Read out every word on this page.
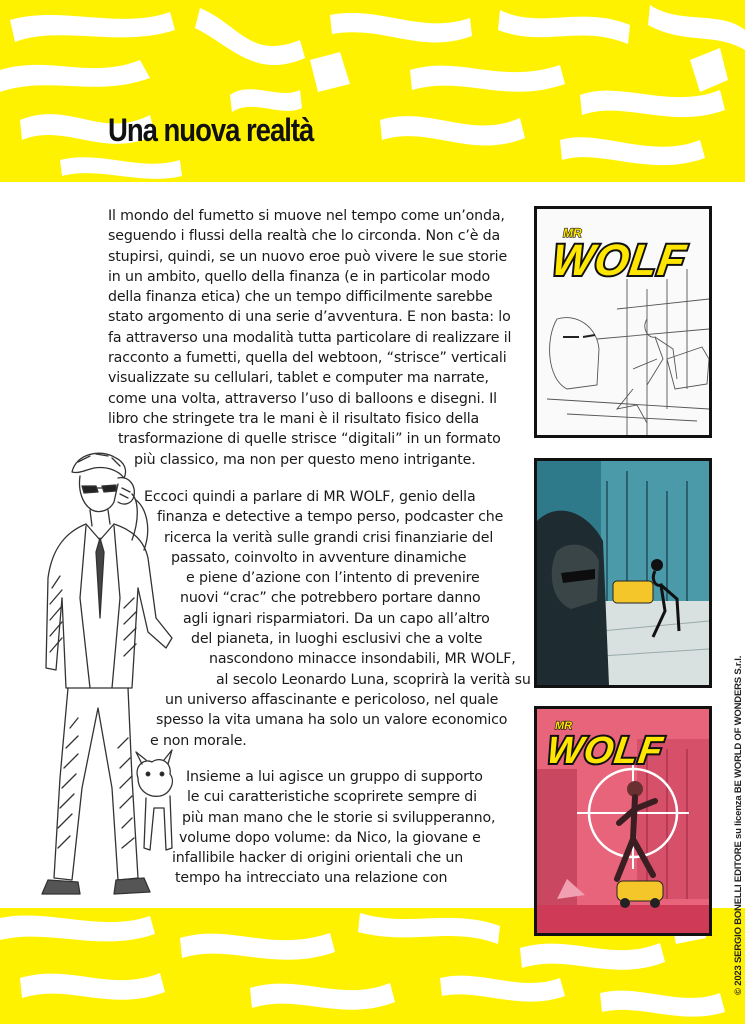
Una nuova realtà
Il mondo del fumetto si muove nel tempo come un’onda,
seguendo i flussi della realtà che lo circonda. Non c’è da
stupirsi, quindi, se un nuovo eroe può vivere le sue storie
in un ambito, quello della finanza (e in particolar modo
della finanza etica) che un tempo difficilmente sarebbe
stato argomento di una serie d’avventura. E non basta: lo
fa attraverso una modalità tutta particolare di realizzare il
racconto a fumetti, quella del webtoon, “strisce” verticali
visualizzate su cellulari, tablet e computer ma narrate,
come una volta, attraverso l’uso di balloons e disegni. Il
libro che stringete tra le mani è il risultato fisico della
trasformazione di quelle strisce “digitali” in un formato
più classico, ma non per questo meno intrigante.
Eccoci quindi a parlare di MR WOLF, genio della
finanza e detective a tempo perso, podcaster che
ricerca la verità sulle grandi crisi finanziarie del
passato, coinvolto in avventure dinamiche
e piene d’azione con l’intento di prevenire
nuovi “crac” che potrebbero portare danno
agli ignari risparmiatori. Da un capo all’altro
del pianeta, in luoghi esclusivi che a volte
nascondono minacce insondabili, MR WOLF,
al secolo Leonardo Luna, scoprirà la verità su
un universo affascinante e pericoloso, nel quale
spesso la vita umana ha solo un valore economico
e non morale.
Insieme a lui agisce un gruppo di supporto
le cui caratteristiche scoprirete sempre di
più man mano che le storie si svilupperanno,
volume dopo volume: da Nico, la giovane e
infallibile hacker di origini orientali che un
tempo ha intrecciato una relazione con
MR
WOLF
MR
WOLF	© 2023 SERGIO BONELLI EDITORE su licenza BE WORLD OF WONDERS S.r.l.
